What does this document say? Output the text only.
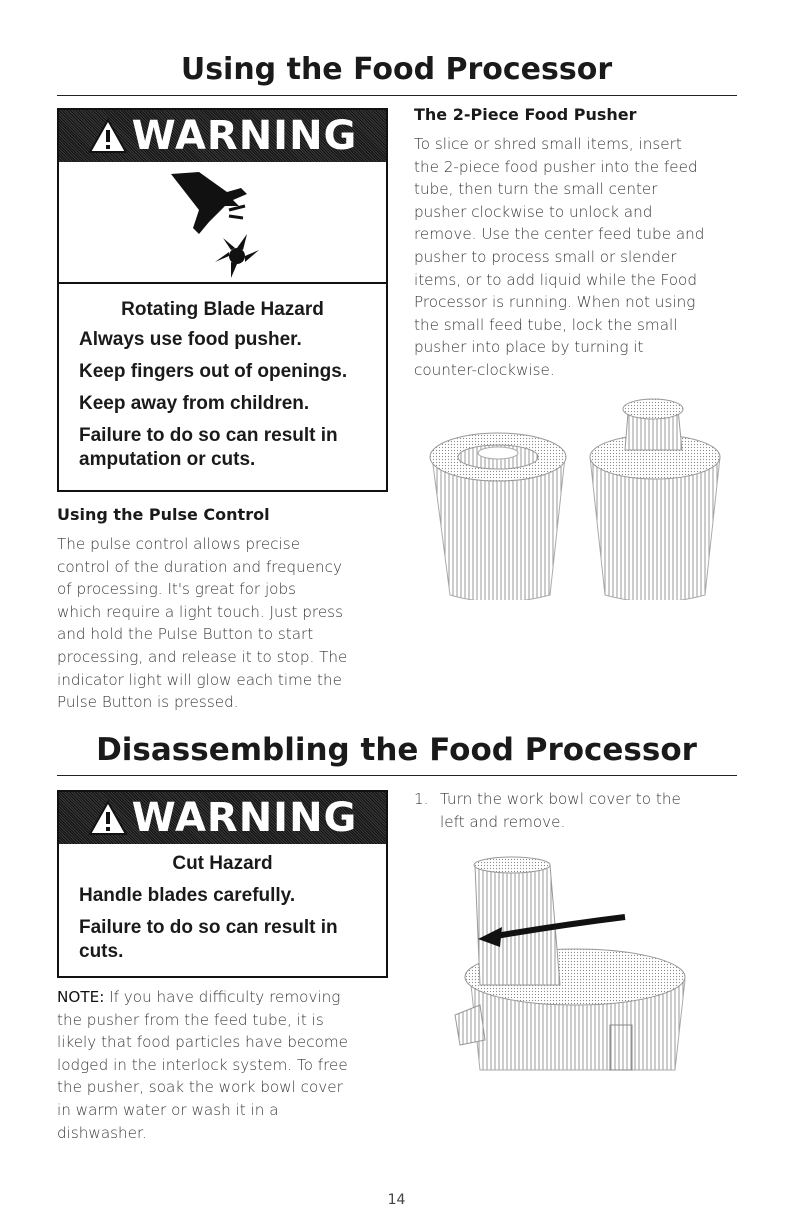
Using the Food Processor
WARNING
Rotating Blade Hazard
Always use food pusher.
Keep fingers out of openings.
Keep away from children.
Failure to do so can result in
amputation or cuts.
The 2-Piece Food Pusher
To slice or shred small items, insert
the 2-piece food pusher into the feed
tube, then turn the small center
pusher clockwise to unlock and
remove. Use the center feed tube and
pusher to process small or slender
items, or to add liquid while the Food
Processor is running. When not using
the small feed tube, lock the small
pusher into place by turning it
counter-clockwise.
Using the Pulse Control
The pulse control allows precise
control of the duration and frequency
of processing. It's great for jobs
which require a light touch. Just press
and hold the Pulse Button to start
processing, and release it to stop. The
indicator light will glow each time the
Pulse Button is pressed.
Disassembling the Food Processor
WARNING
Cut Hazard
Handle blades carefully.
Failure to do so can result in
cuts.
NOTE: If you have difficulty removing
the pusher from the feed tube, it is
likely that food particles have become
lodged in the interlock system. To free
the pusher, soak the work bowl cover
in warm water or wash it in a
dishwasher.
1. Turn the work bowl cover to the
left and remove.
14
